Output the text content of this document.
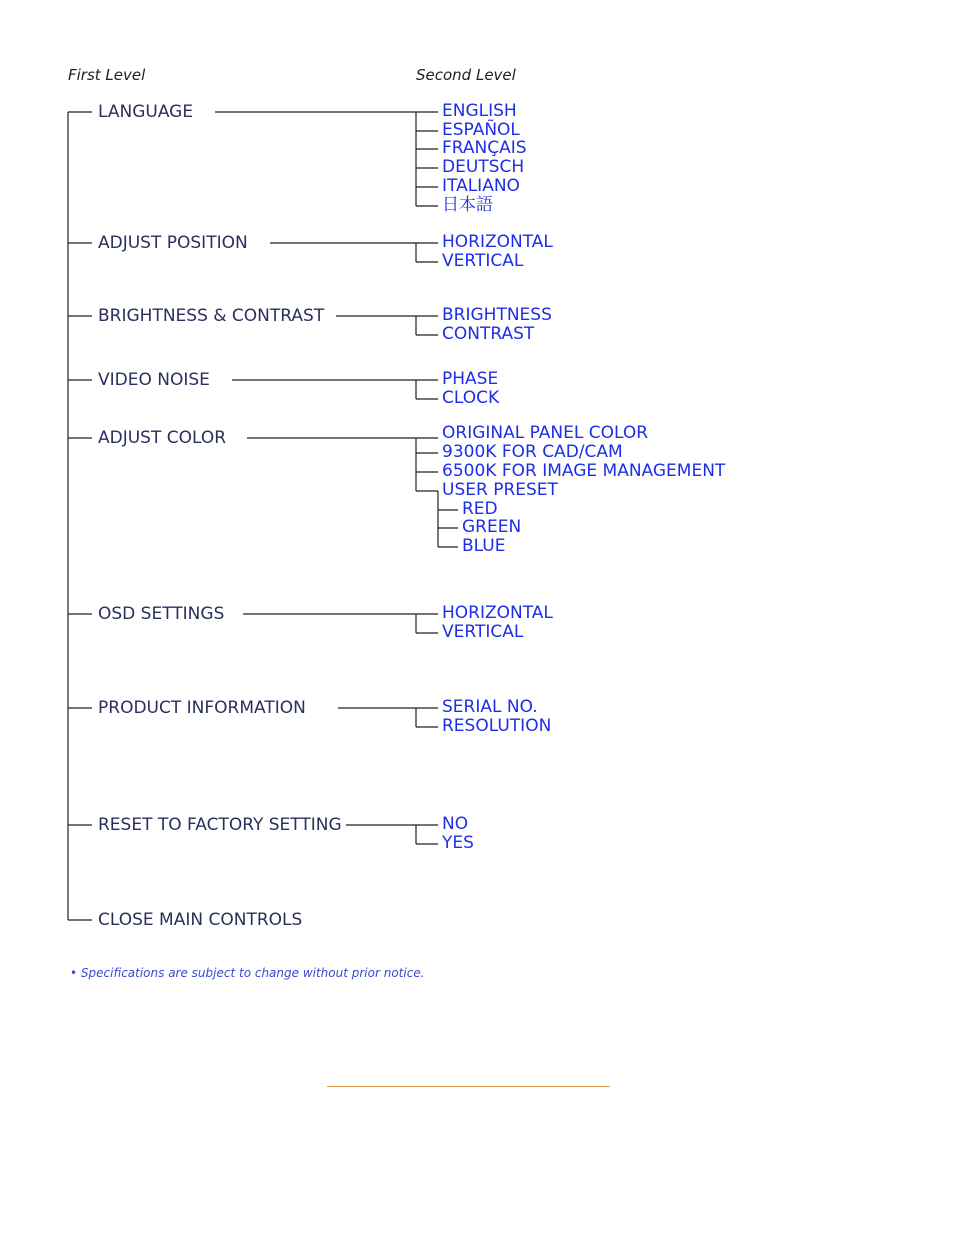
First Level	Second Level
LANGUAGE
ADJUST POSITION
BRIGHTNESS & CONTRAST
VIDEO NOISE
ADJUST COLOR
OSD SETTINGS
PRODUCT INFORMATION
RESET TO FACTORY SETTING
CLOSE MAIN CONTROLS
ENGLISH
ESPAÑOL
FRANÇAIS
DEUTSCH
ITALIANO
日本語
HORIZONTAL
VERTICAL
BRIGHTNESS
CONTRAST
PHASE
CLOCK
ORIGINAL PANEL COLOR
9300K FOR CAD/CAM
6500K FOR IMAGE MANAGEMENT
USER PRESET
RED
GREEN
BLUE
HORIZONTAL
VERTICAL
SERIAL NO.
RESOLUTION
NO
YES
• Specifications are subject to change without prior notice.
